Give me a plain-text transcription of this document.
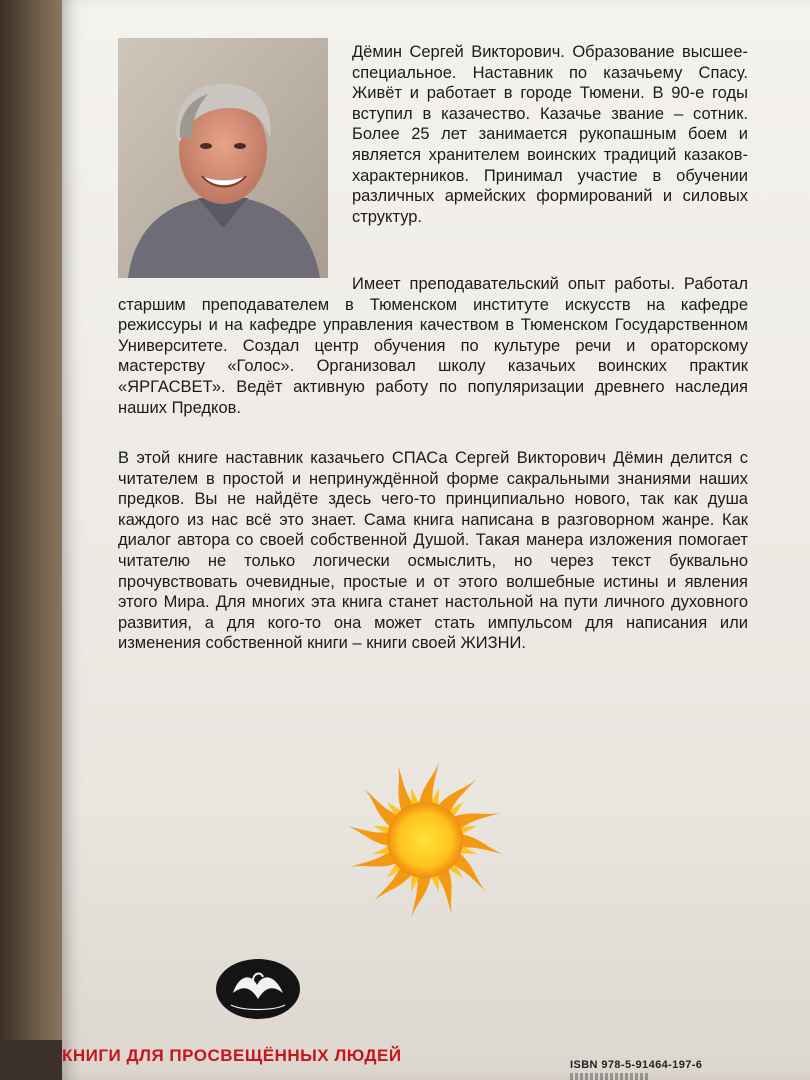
Дёмин Сергей Викторович. Образование высшее-специальное. Наставник по казачьему Спасу. Живёт и работает в городе Тюмени. В 90-е годы вступил в казачество. Казачье звание – сотник. Более 25 лет занимается рукопашным боем и является хранителем воинских традиций казаков-характерников. Принимал участие в обучении различных армейских формирований и силовых структур.
Имеет преподавательский опыт работы. Работал старшим преподавателем в Тюменском институте искусств на кафедре режиссуры и на кафедре управления качеством в Тюменском Государственном Университете. Создал центр обучения по культуре речи и ораторскому мастерству «Голос». Организовал школу казачьих воинских практик «ЯРГАСВЕТ». Ведёт активную работу по популяризации древнего наследия наших Предков.
В этой книге наставник казачьего СПАСа Сергей Викторович Дёмин делится с читателем в простой и непринуждённой форме сакральными знаниями наших предков. Вы не найдёте здесь чего-то принципиально нового, так как душа каждого из нас всё это знает. Сама книга написана в разговорном жанре. Как диалог автора со своей собственной Душой. Такая манера изложения помогает читателю не только логически осмыслить, но через текст буквально прочувствовать очевидные, простые и от этого волшебные истины и явления этого Мира. Для многих эта книга станет настольной на пути личного духовного развития, а для кого-то она может стать импульсом для написания или изменения собственной книги – книги своей ЖИЗНИ.
КНИГИ ДЛЯ ПРОСВЕЩЁННЫХ ЛЮДЕЙ	ISBN 978-5-91464-197-6
